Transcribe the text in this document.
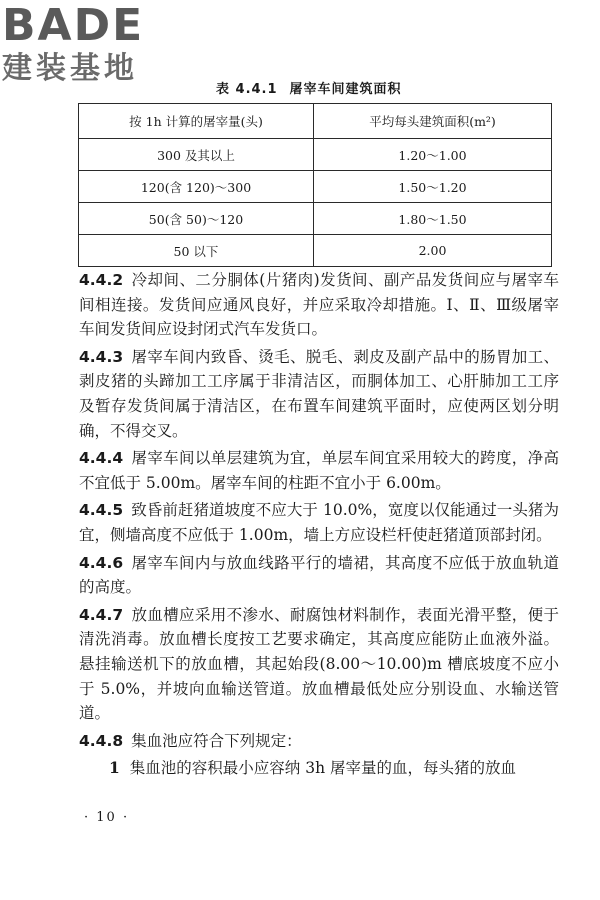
BADE
建装基地
表 4.4.1 屠宰车间建筑面积
按 1h 计算的屠宰量(头)	平均每头建筑面积(m²)
300 及其以上	1.20～1.00
120(含 120)～300	1.50～1.20
50(含 50)～120	1.80～1.50
50 以下	2.00

4.4.2 冷却间、二分胴体(片猪肉)发货间、副产品发货间应与屠宰车间相连接。发货间应通风良好，并应采取冷却措施。Ⅰ、Ⅱ、Ⅲ级屠宰车间发货间应设封闭式汽车发货口。

4.4.3 屠宰车间内致昏、烫毛、脱毛、剥皮及副产品中的肠胃加工、剥皮猪的头蹄加工工序属于非清洁区，而胴体加工、心肝肺加工工序及暂存发货间属于清洁区，在布置车间建筑平面时，应使两区划分明确，不得交叉。

4.4.4 屠宰车间以单层建筑为宜，单层车间宜采用较大的跨度，净高不宜低于 5.00m。屠宰车间的柱距不宜小于 6.00m。

4.4.5 致昏前赶猪道坡度不应大于 10.0%，宽度以仅能通过一头猪为宜，侧墙高度不应低于 1.00m，墙上方应设栏杆使赶猪道顶部封闭。

4.4.6 屠宰车间内与放血线路平行的墙裙，其高度不应低于放血轨道的高度。

4.4.7 放血槽应采用不渗水、耐腐蚀材料制作，表面光滑平整，便于清洗消毒。放血槽长度按工艺要求确定，其高度应能防止血液外溢。悬挂输送机下的放血槽，其起始段(8.00～10.00)m 槽底坡度不应小于 5.0%，并坡向血输送管道。放血槽最低处应分别设血、水输送管道。

4.4.8 集血池应符合下列规定：

1 集血池的容积最小应容纳 3h 屠宰量的血，每头猪的放血

· 10 ·
